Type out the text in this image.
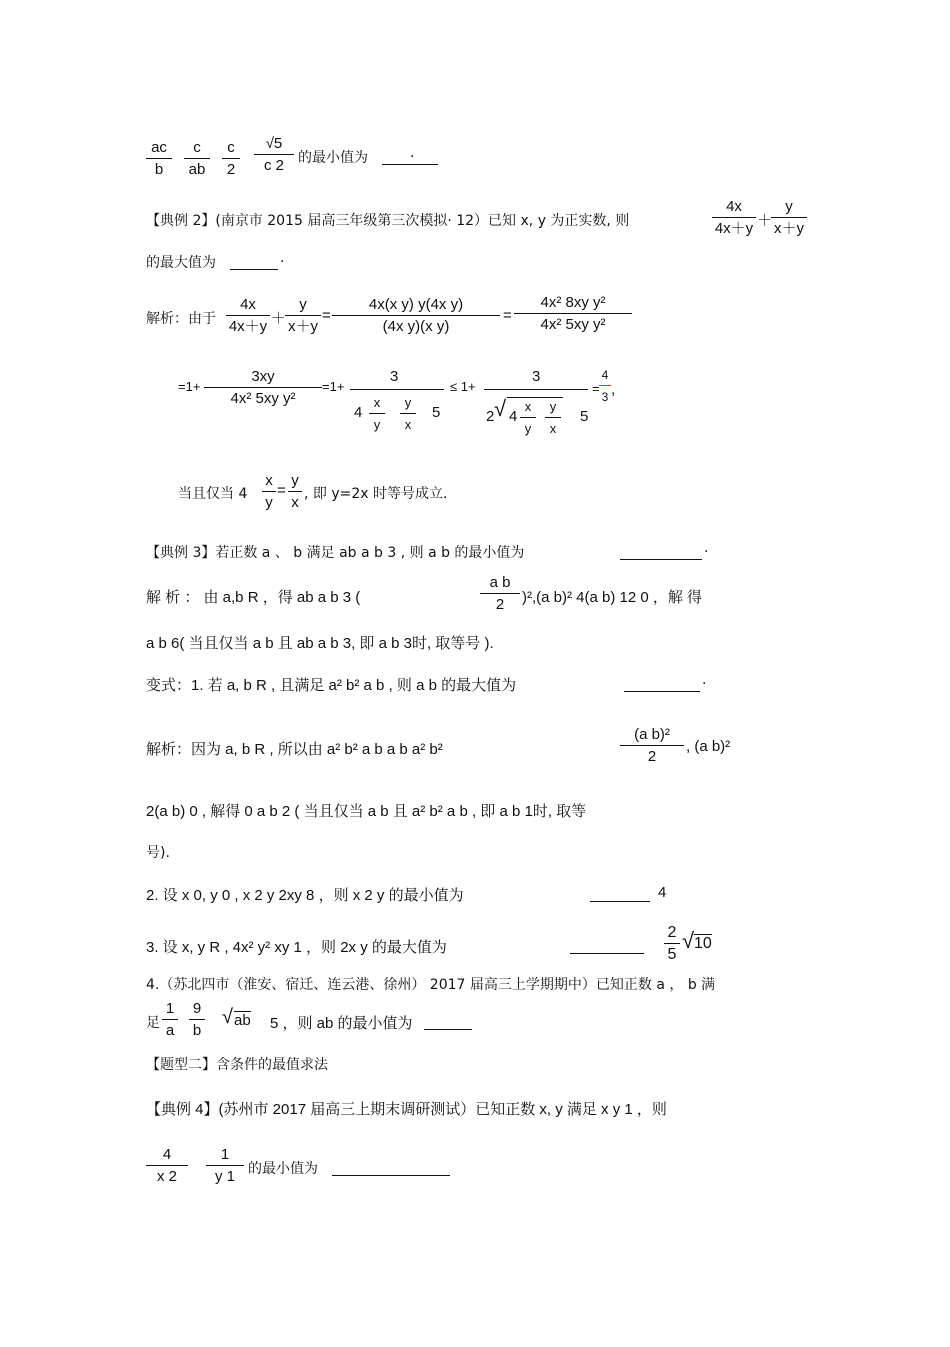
$\frac{ac}{b} \frac{c}{ab} \frac{c}{2} \frac{√5}{c 2}$ 的最小值为	.
【典例 2】(南京市 2015 届高三年级第三次模拟· 12）已知 x, y 为正实数, 则	$\frac{4x}{4x+y}$ ＋
$\frac{y}{x+y}$
的最大值为	.
解析：由于 $\frac{4x}{4x+y}$ ＋
$\frac{y}{x+y} = \frac{\text{4x(x y) y(4x y)}}{\text{(4x y)(x y)}} = \frac{\text{4x² 8xy y²}}{\text{4x² 5xy y²}}$
$=1+ \frac{3xy}{\text{4x² 5xy y²}} =1+$
3
$4 \frac{x}{y} \frac{y}{x} 5$
≤ 1+
3
2 √ $4 \frac{x}{y} \frac{y}{x} 5$
= $\frac{4}{3}$ ,
当且仅当 $4 \frac{x}{y} = \frac{y}{x}$ , 即 y=2x 时等号成立.
【典例 3】若正数 a 、 b 满足 ab a b 3 , 则 a b 的最小值为	.
解 析 ： 由 a,b R ，得 ab a b 3 (	$\frac{\text{a b}}{2} )^2,(a$ b)² 4(a b) 12 0 ，解 得
a b 6( 当且仅当 a b 且 ab a b 3, 即 a b 3时, 取等号 ).
变式：1. 若 a, b R , 且满足 a² b² a b , 则 a b 的最大值为	.
解析：因为 a, b R , 所以由 a² b² a b a b a² b²	$\frac{\text{(a b)²}}{2}$ , (a b)²
2(a b) 0 , 解得 0 a b 2 ( 当且仅当 a b 且 a² b² a b , 即 a b 1时, 取等
号).
2. 设 x 0, y 0 , x 2 y 2xy 8 ，则 x 2 y 的最小值为	4
3. 设 x, y R , 4x² y² xy 1 ，则 2x y 的最大值为	$\frac{2}{5}$ √ 10
4.（苏北四市（淮安、宿迁、连云港、徐州） 2017 届高三上学期期中）已知正数 a ， b 满
足 $\frac{1}{a} \frac{9}{b}$ √ ab 5 ，则 ab 的最小值为
【题型二】含条件的最值求法
【典例 4】(苏州市 2017 届高三上期末调研测试）已知正数 x, y 满足 x y 1 ，则
$\frac{4}{x 2} \frac{1}{y 1}$ 的最小值为
